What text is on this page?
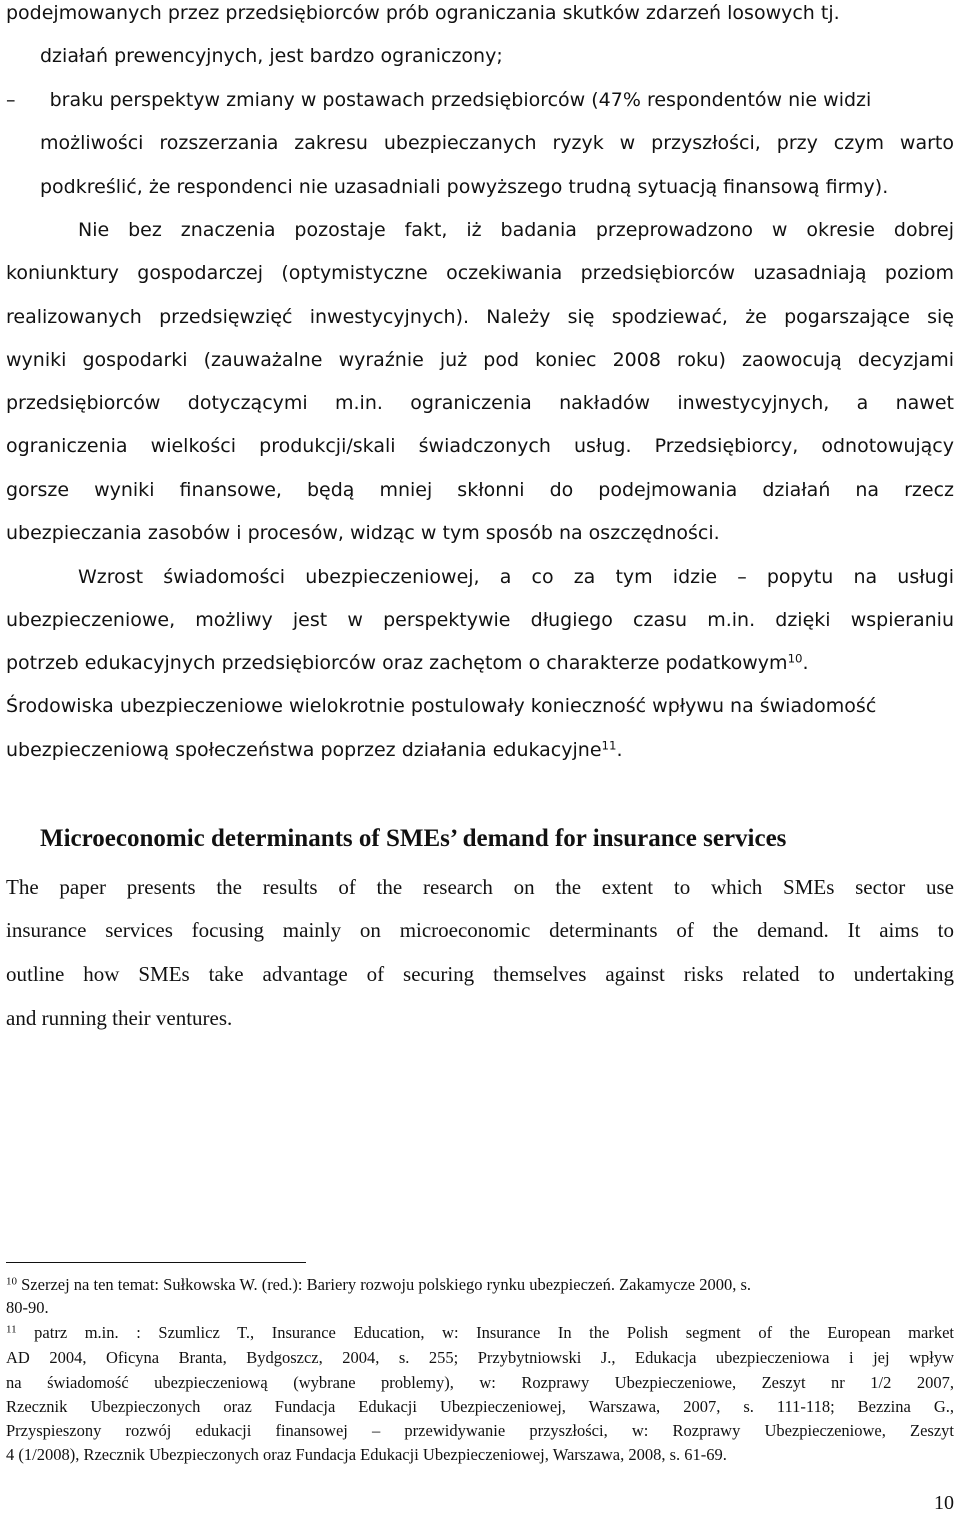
podejmowanych przez przedsiębiorców prób ograniczania skutków zdarzeń losowych tj.
działań prewencyjnych, jest bardzo ograniczony;
– braku perspektyw zmiany w postawach przedsiębiorców (47% respondentów nie widzi
możliwości rozszerzania zakresu ubezpieczanych ryzyk w przyszłości, przy czym warto
podkreślić, że respondenci nie uzasadniali powyższego trudną sytuacją finansową firmy).
Nie bez znaczenia pozostaje fakt, iż badania przeprowadzono w okresie dobrej
koniunktury gospodarczej (optymistyczne oczekiwania przedsiębiorców uzasadniają poziom
realizowanych przedsięwzięć inwestycyjnych). Należy się spodziewać, że pogarszające się
wyniki gospodarki (zauważalne wyraźnie już pod koniec 2008 roku) zaowocują decyzjami
przedsiębiorców dotyczącymi m.in. ograniczenia nakładów inwestycyjnych, a nawet
ograniczenia wielkości produkcji/skali świadczonych usług. Przedsiębiorcy, odnotowujący
gorsze wyniki finansowe, będą mniej skłonni do podejmowania działań na rzecz
ubezpieczania zasobów i procesów, widząc w tym sposób na oszczędności.
Wzrost świadomości ubezpieczeniowej, a co za tym idzie – popytu na usługi
ubezpieczeniowe, możliwy jest w perspektywie długiego czasu m.in. dzięki wspieraniu
potrzeb edukacyjnych przedsiębiorców oraz zachętom o charakterze podatkowym$^{10}$.
Środowiska ubezpieczeniowe wielokrotnie postulowały konieczność wpływu na świadomość
ubezpieczeniową społeczeństwa poprzez działania edukacyjne$^{11}$.
Microeconomic determinants of SMEs’ demand for insurance services
The paper presents the results of the research on the extent to which SMEs sector use
insurance services focusing mainly on microeconomic determinants of the demand. It aims to
outline how SMEs take advantage of securing themselves against risks related to undertaking
and running their ventures.
$^{10}$ Szerzej na ten temat: Sułkowska W. (red.): Bariery rozwoju polskiego rynku ubezpieczeń. Zakamycze 2000, s.
80-90.
$^{11}$ patrz m.in. : Szumlicz T., Insurance Education, w: Insurance In the Polish segment of the European market
AD 2004, Oficyna Branta, Bydgoszcz, 2004, s. 255; Przybytniowski J., Edukacja ubezpieczeniowa i jej wpływ
na świadomość ubezpieczeniową (wybrane problemy), w: Rozprawy Ubezpieczeniowe, Zeszyt nr 1/2 2007,
Rzecznik Ubezpieczonych oraz Fundacja Edukacji Ubezpieczeniowej, Warszawa, 2007, s. 111-118; Bezzina G.,
Przyspieszony rozwój edukacji finansowej – przewidywanie przyszłości, w: Rozprawy Ubezpieczeniowe, Zeszyt
4 (1/2008), Rzecznik Ubezpieczonych oraz Fundacja Edukacji Ubezpieczeniowej, Warszawa, 2008, s. 61-69.
10
